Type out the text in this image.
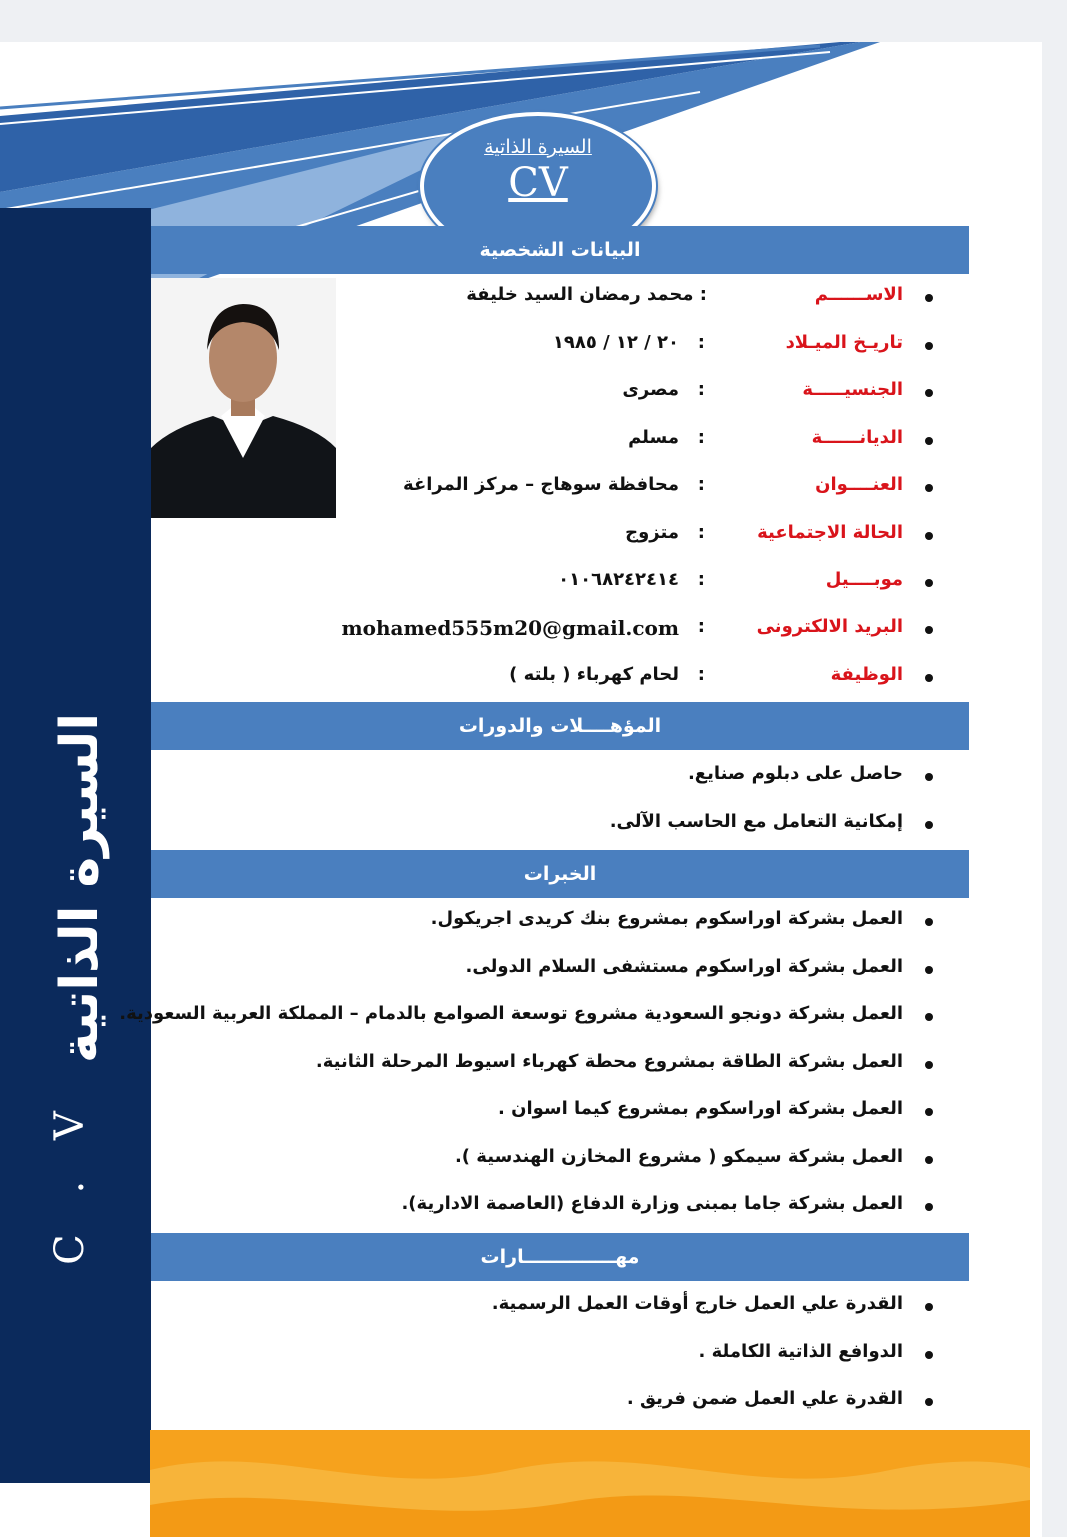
السيرة الذاتية
C . V
السيرة الذاتية
CV
البيانات الشخصية
الاســــــم
: محمد رمضان السيد خليفة
تاريـخ الميـلاد
:
٢٠ / ١٢ / ١٩٨٥
الجنسيـــــة
:
مصرى
الديانــــــة
:
مسلم
العنــــوان
:
محافظة سوهاج – مركز المراغة
الحالة الاجتماعية
:
متزوج
موبــــيل
:
٠١٠٦٨٢٤٢٤١٤
البريد الالكترونى
:
mohamed555m20@gmail.com
الوظيفة
:
لحام كهرباء ( بلته )
المؤهــــلات والدورات
حاصل على دبلوم صنايع.
إمكانية التعامل مع الحاسب الآلى.
الخبرات
العمل بشركة اوراسكوم بمشروع بنك كريدى اجريكول.
العمل بشركة اوراسكوم مستشفى السلام الدولى.
العمل بشركة دونجو السعودية مشروع توسعة الصوامع بالدمام – المملكة العربية السعودية.
العمل بشركة الطاقة بمشروع محطة كهرباء اسيوط المرحلة الثانية.
العمل بشركة اوراسكوم بمشروع كيما اسوان .
العمل بشركة سيمكو ( مشروع المخازن الهندسية ).
العمل بشركة جاما بمبنى وزارة الدفاع (العاصمة الادارية).
مهــــــــــــــارات
القدرة علي العمل خارج أوقات العمل الرسمية.
الدوافع الذاتية الكاملة .
القدرة علي العمل ضمن فريق .
